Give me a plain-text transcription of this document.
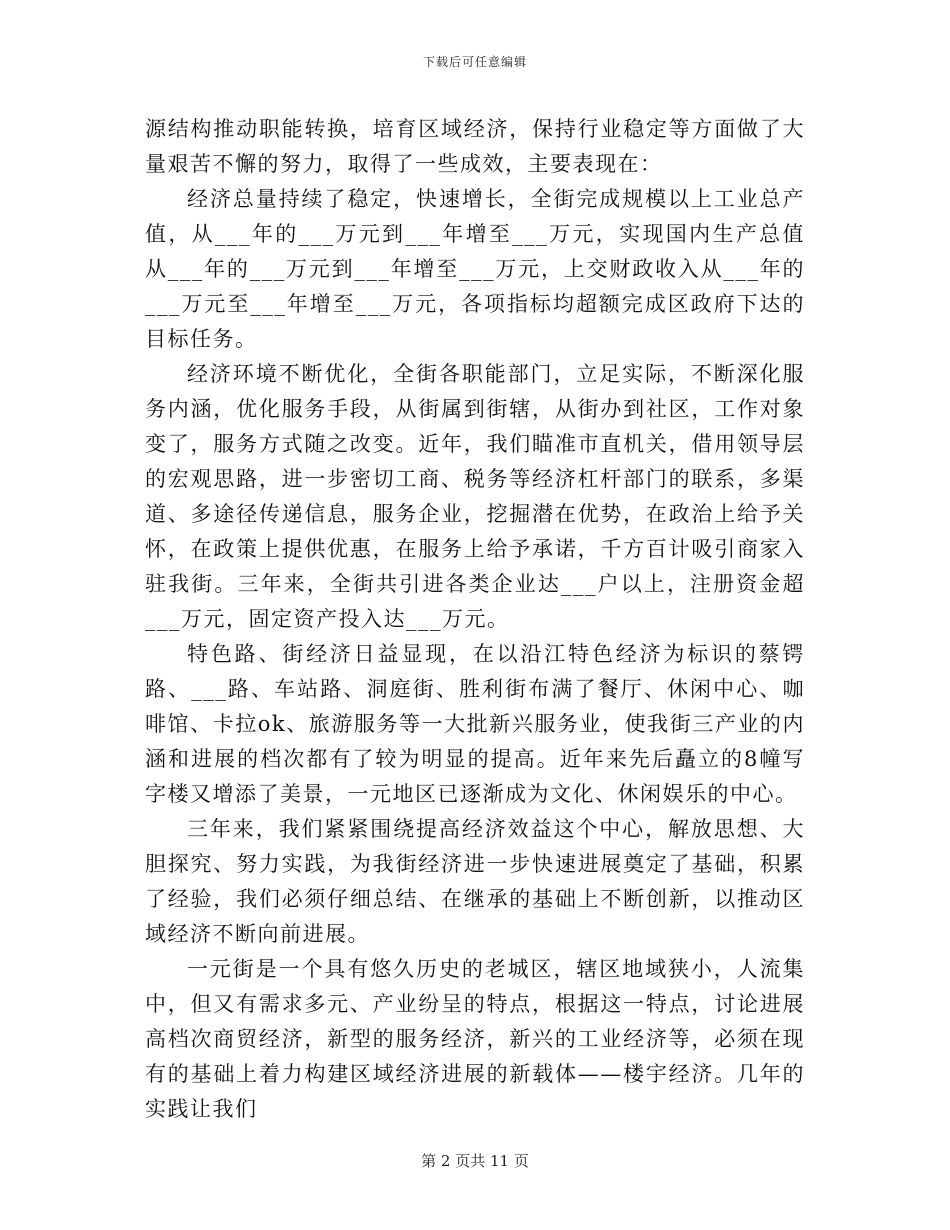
下载后可任意编辑

源结构推动职能转换，培育区域经济，保持行业稳定等方面做了大量艰苦不懈的努力，取得了一些成效，主要表现在：

经济总量持续了稳定，快速增长，全街完成规模以上工业总产值，从___年的___万元到___年增至___万元，实现国内生产总值从___年的___万元到___年增至___万元，上交财政收入从___年的___万元至___年增至___万元，各项指标均超额完成区政府下达的目标任务。

经济环境不断优化，全街各职能部门，立足实际，不断深化服务内涵，优化服务手段，从街属到街辖，从街办到社区，工作对象变了，服务方式随之改变。近年，我们瞄准市直机关，借用领导层的宏观思路，进一步密切工商、税务等经济杠杆部门的联系，多渠道、多途径传递信息，服务企业，挖掘潜在优势，在政治上给予关怀，在政策上提供优惠，在服务上给予承诺，千方百计吸引商家入驻我街。三年来，全街共引进各类企业达___户以上，注册资金超___万元，固定资产投入达___万元。

特色路、街经济日益显现，在以沿江特色经济为标识的蔡锷路、___路、车站路、洞庭街、胜利街布满了餐厅、休闲中心、咖啡馆、卡拉ok、旅游服务等一大批新兴服务业，使我街三产业的内涵和进展的档次都有了较为明显的提高。近年来先后矗立的8幢写字楼又增添了美景，一元地区已逐渐成为文化、休闲娱乐的中心。

三年来，我们紧紧围绕提高经济效益这个中心，解放思想、大胆探究、努力实践，为我街经济进一步快速进展奠定了基础，积累了经验，我们必须仔细总结、在继承的基础上不断创新，以推动区域经济不断向前进展。

一元街是一个具有悠久历史的老城区，辖区地域狭小，人流集中，但又有需求多元、产业纷呈的特点，根据这一特点，讨论进展高档次商贸经济，新型的服务经济，新兴的工业经济等，必须在现有的基础上着力构建区域经济进展的新载体——楼宇经济。几年的实践让我们

第 2 页共 11 页
